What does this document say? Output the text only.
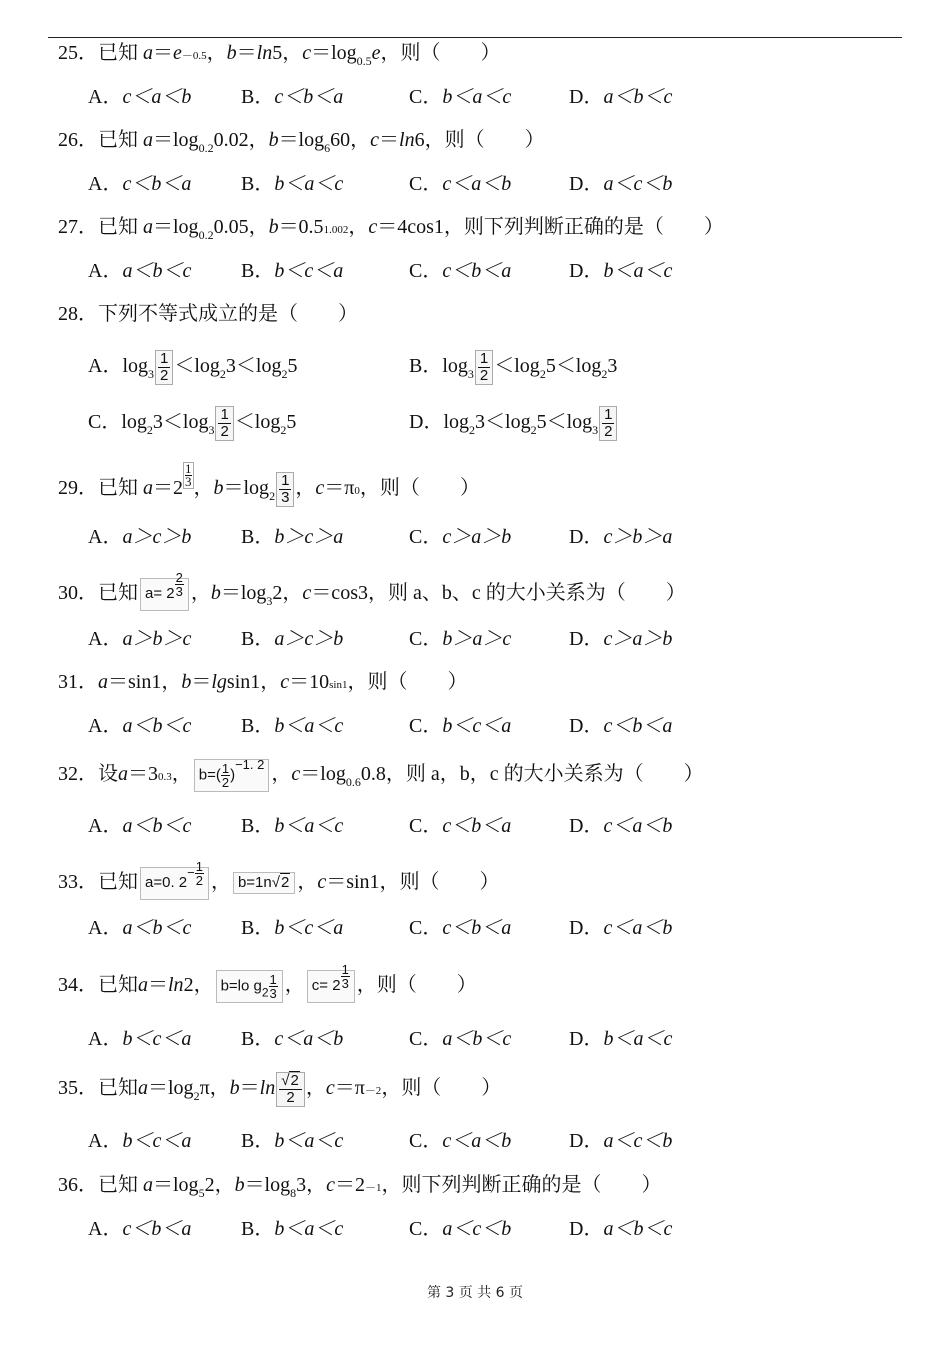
25．已知 a＝e－0.5，b＝ln5，$c=\log_{0.5}e$，则（　　）
A．c＜a＜b B．c＜b＜a	C．b＜a＜c	D．a＜b＜c
26．已知 $a=\log_{0.2}0.02$，$b=\log_660$，c＝ln6，则（　　）
A．c＜b＜a B．b＜a＜c	C．c＜a＜b	D．a＜c＜b
27．已知 $a=\log_{0.2}0.05$，b＝0.51.002，c＝4cos1，则下列判断正确的是（　　）
A．a＜b＜c B．b＜c＜a	C．c＜b＜a	D．b＜a＜c
28．下列不等式成立的是（　　）
A．$\log_3 \frac{1}{2} <\log_23<\log_25$	B．$\log_3 \frac{1}{2} <\log_25<\log_23$
C．$\log_23<\log_3 \frac{1}{2} <\log_25$	D．$\log_23<\log_25<\log_3 \frac{1}{2}$
29．已知 $a=2 \frac{1}{3}$ ，$b=\log_2 \frac{1}{3}$ ，c＝π0，则（　　）
A．a＞c＞b B．b＞c＞a	C．c＞a＞b	D．c＞b＞a
30．已知 $a= 2 \frac{2}{3}$ ，$b=\log_32$，c＝cos3，则 a、b、c 的大小关系为（　　）
A．a＞b＞c B．a＞c＞b	C．b＞a＞c	D．c＞a＞b
31．a＝sin1，b＝lgsin1，c＝10sin1，则（　　）
A．a＜b＜c B．b＜a＜c	C．b＜c＜a	D．c＜b＜a
32．设a＝30.3， $b=( \frac{1}{2} )-1$. 2 ，$c=\log_{0.6}0.8$，则 a，b，c 的大小关系为（　　）
A．a＜b＜c B．b＜a＜c	C．c＜b＜a	D．c＜a＜b
33．已知 a=0. $2- \frac{1}{2}$ ， b=1n√2 ，c＝sin1，则（　　）
A．a＜b＜c B．b＜c＜a	C．c＜b＜a	D．c＜a＜b
34．已知a＝ln2， b=lo $g_2 \frac{1}{3}$ ， $c= 2 \frac{1}{3}$ ，则（　　）
A．b＜c＜a B．c＜a＜b	C．a＜b＜c	D．b＜a＜c
35．已知$a=\log_2\pi$，$b=\ln \frac{√2}{2}$ ，c＝π－2，则（　　）
A．b＜c＜a B．b＜a＜c	C．c＜a＜b	D．a＜c＜b
36．已知 $a=\log_52$，$b=\log_83$，c＝2－1，则下列判断正确的是（　　）
A．c＜b＜a B．b＜a＜c	C．a＜c＜b	D．a＜b＜c
第 3 页 共 6 页
